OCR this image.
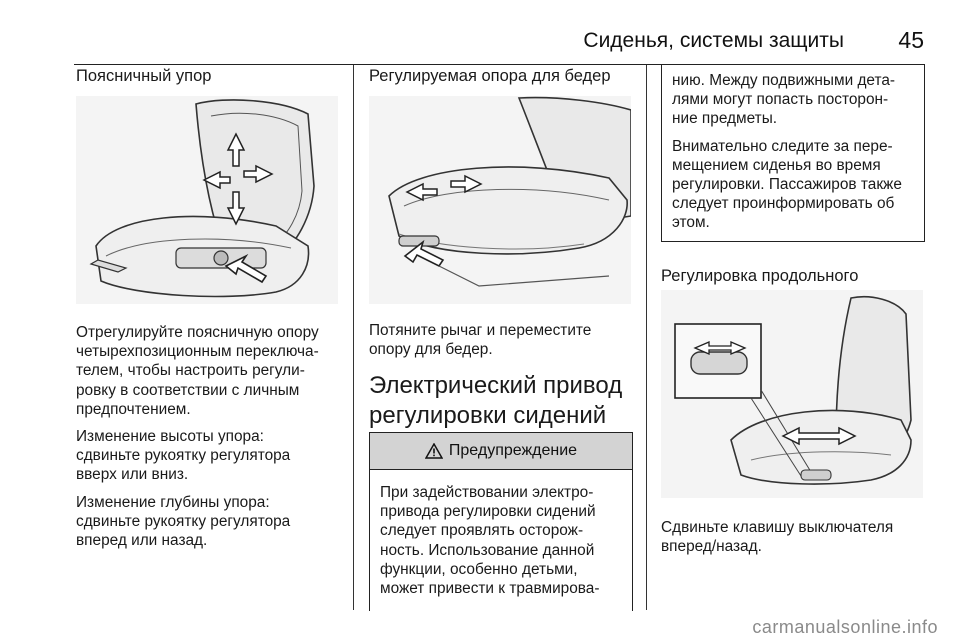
Сиденья, системы защиты 45
Поясничный упор

Отрегулируйте поясничную опору
четырехпозиционным переключа-
телем, чтобы настроить регули-
ровку в соответствии с личным
предпочтением.

Изменение высоты упора:
сдвиньте рукоятку регулятора
вверх или вниз.

Изменение глубины упора:
сдвиньте рукоятку регулятора
вперед или назад.

Регулируемая опора для бедер

Потяните рычаг и переместите
опору для бедер.

Электрический привод
регулировки сидений
Предупреждение
При задействовании электро-
привода регулировки сидений
следует проявлять осторож-
ность. Использование данной
функции, особенно детьми,
может привести к травмирова-

нию. Между подвижными дета-
лями могут попасть посторон-
ние предметы.

Внимательно следите за пере-
мещением сиденья во время
регулировки. Пассажиров также
следует проинформировать об
этом.

Регулировка продольного

Сдвиньте клавишу выключателя
вперед/назад.

carmanualsonline.info
